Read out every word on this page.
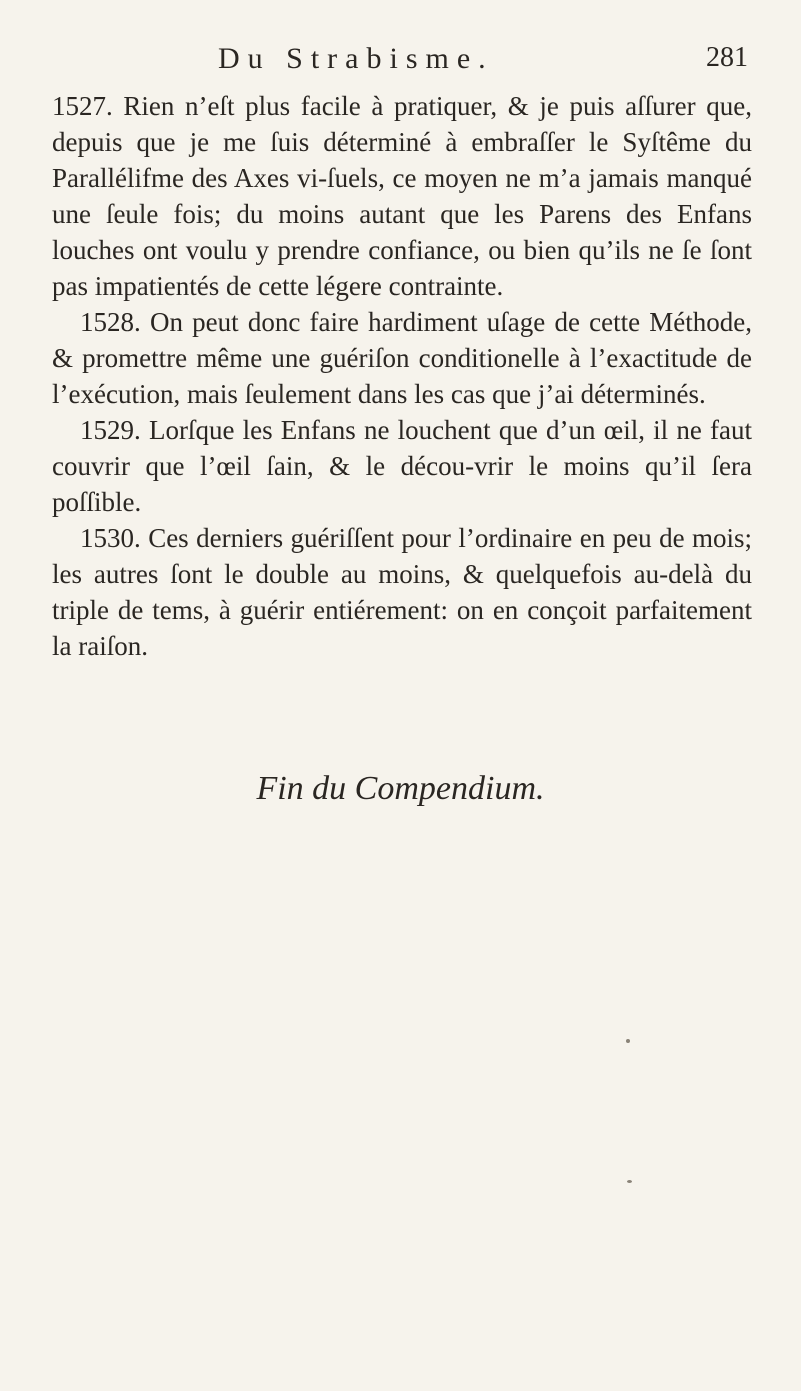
Du Strabisme.	281

1527. Rien n’eſt plus facile à pratiquer, & je puis aſſurer que, depuis que je me ſuis déterminé à embraſſer le Syſtême du Parallélifme des Axes vi-ſuels, ce moyen ne m’a jamais manqué une ſeule fois; du moins autant que les Parens des Enfans louches ont voulu y prendre confiance, ou bien qu’ils ne ſe ſont pas impatientés de cette légere contrainte.

1528. On peut donc faire hardiment uſage de cette Méthode, & promettre même une guériſon conditionelle à l’exactitude de l’exécution, mais ſeulement dans les cas que j’ai déterminés.

1529. Lorſque les Enfans ne louchent que d’un œil, il ne faut couvrir que l’œil ſain, & le décou-vrir le moins qu’il ſera poſſible.

1530. Ces derniers guériſſent pour l’ordinaire en peu de mois; les autres ſont le double au moins, & quelquefois au-delà du triple de tems, à guérir entiérement: on en conçoit parfaitement la raiſon.

Fin du Compendium.
